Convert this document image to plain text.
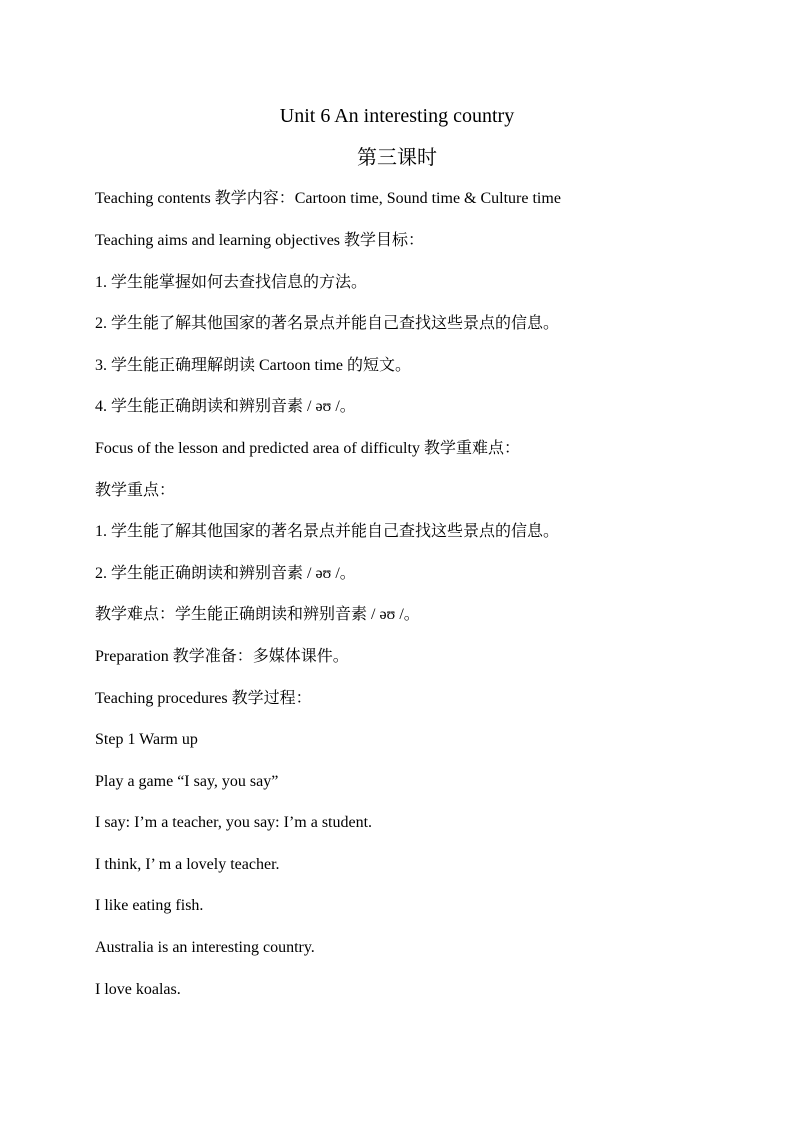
Unit 6 An interesting country
第三课时
Teaching contents 教学内容：Cartoon time, Sound time & Culture time
Teaching aims and learning objectives 教学目标：
1. 学生能掌握如何去查找信息的方法。
2. 学生能了解其他国家的著名景点并能自己查找这些景点的信息。
3. 学生能正确理解朗读 Cartoon time 的短文。
4. 学生能正确朗读和辨别音素 / ǝʊ /。
Focus of the lesson and predicted area of difficulty 教学重难点：
教学重点：
1. 学生能了解其他国家的著名景点并能自己查找这些景点的信息。
2. 学生能正确朗读和辨别音素 / ǝʊ /。
教学难点：学生能正确朗读和辨别音素 / ǝʊ /。
Preparation 教学准备：多媒体课件。
Teaching procedures 教学过程：
Step 1 Warm up
Play a game “I say, you say”
I say: I’m a teacher, you say: I’m a student.
I think, I’ m a lovely teacher.
I like eating fish.
Australia is an interesting country.
I love koalas.
